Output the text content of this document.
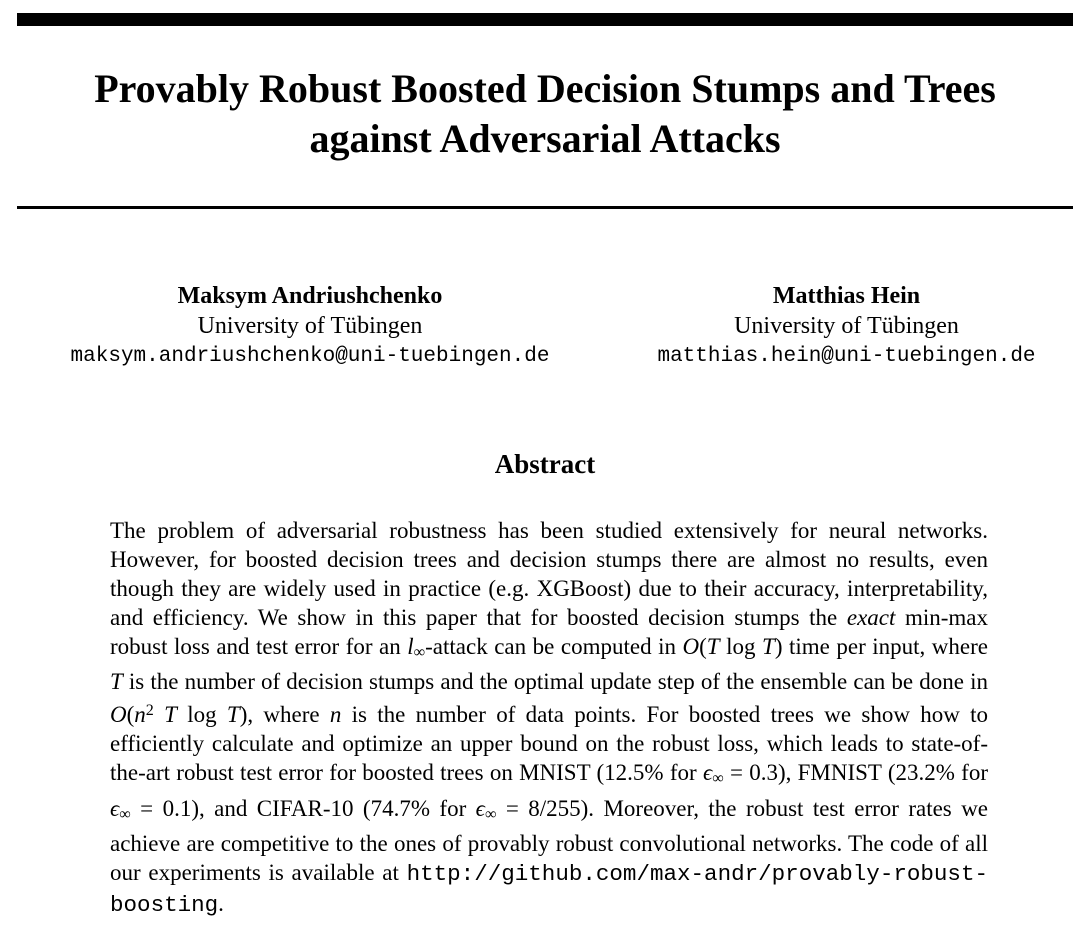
Provably Robust Boosted Decision Stumps and Trees
against Adversarial Attacks
Maksym Andriushchenko
University of Tübingen
maksym.andriushchenko@uni-tuebingen.de
Matthias Hein
University of Tübingen
matthias.hein@uni-tuebingen.de
Abstract

The problem of adversarial robustness has been studied extensively for neural networks. However, for boosted decision trees and decision stumps there are almost no results, even though they are widely used in practice (e.g. XGBoost) due to their accuracy, interpretability, and efficiency. We show in this paper that for boosted decision stumps the exact min-max robust loss and test error for an l∞-attack can be computed in O(T log T) time per input, where T is the number of decision stumps and the optimal update step of the ensemble can be done in $O(n^2$ T log T), where n is the number of data points. For boosted trees we show how to efficiently calculate and optimize an upper bound on the robust loss, which leads to state-of-the-art robust test error for boosted trees on MNIST (12.5% for ϵ∞ = 0.3), FMNIST (23.2% for ϵ∞ = 0.1), and CIFAR-10 (74.7% for ϵ∞ = 8/255). Moreover, the robust test error rates we achieve are competitive to the ones of provably robust convolutional networks. The code of all our experiments is available at http://github.com/max-andr/provably-robust-boosting.
